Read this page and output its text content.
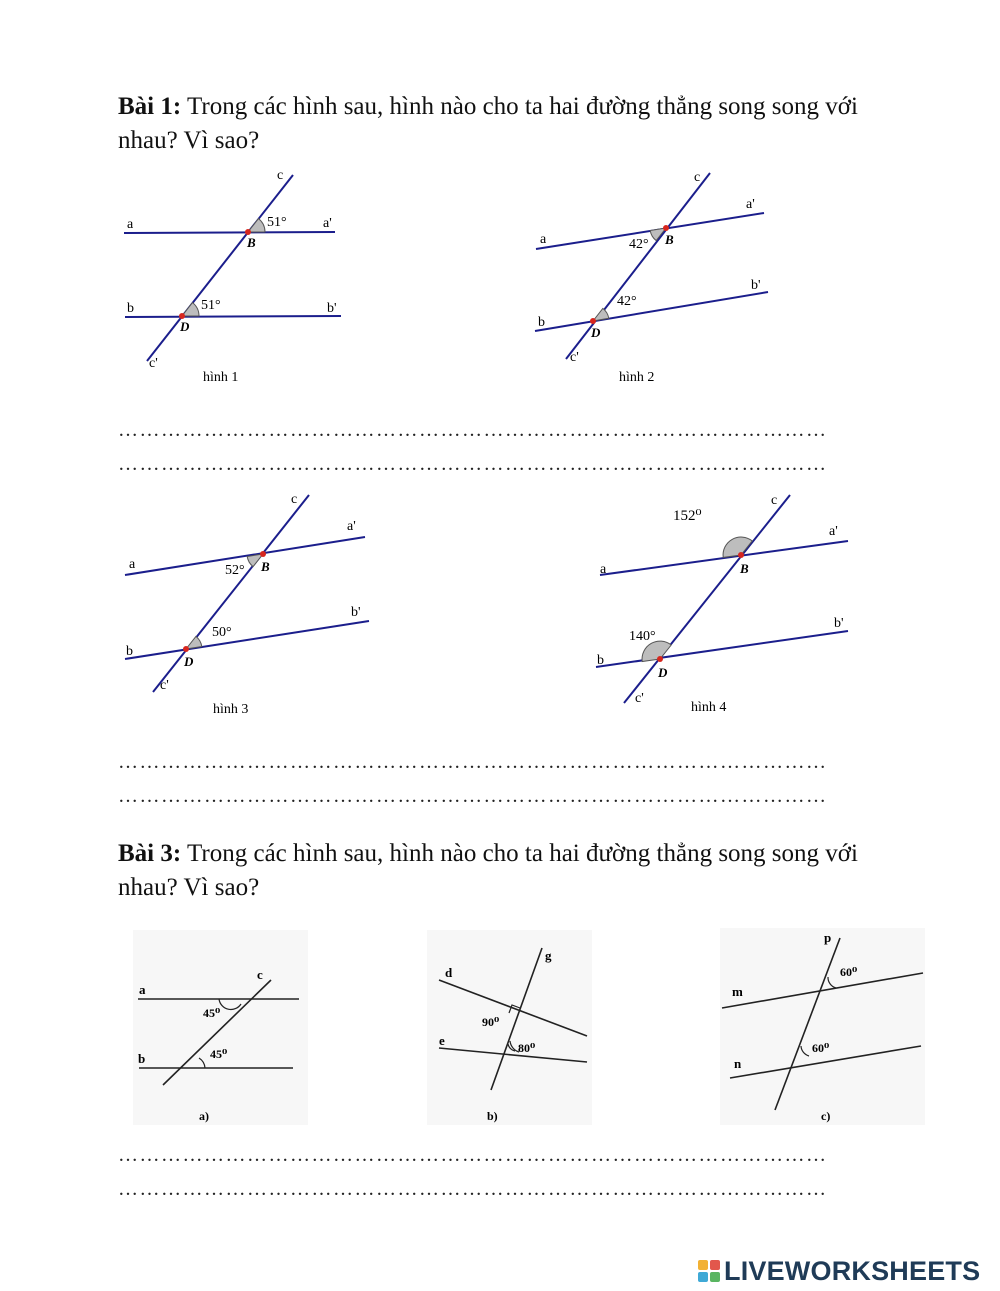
Bài 1: Trong các hình sau, hình nào cho ta hai đường thẳng song song với nhau? Vì sao?
a	a'
b	b'
c
c'
B
D
51°
51°
hình 1
a
a'
b
b'
c
c'
B
D
42°
42°
hình 2
………………………………………………………………………………………
………………………………………………………………………………………
a
a'
b
b'
c
c'
B
D
52°
50°
hình 3
a
a'
b
b'
c
c'
B
D
152⁰
140°
hình 4
………………………………………………………………………………………
………………………………………………………………………………………
Bài 3: Trong các hình sau, hình nào cho ta hai đường thẳng song song với nhau? Vì sao?
a
b
c
45⁰
45⁰
a)
d
e
g
90⁰
80⁰
b)
p
m
n
60⁰
60⁰
c)
………………………………………………………………………………………
………………………………………………………………………………………
LIVEWORKSHEETS
